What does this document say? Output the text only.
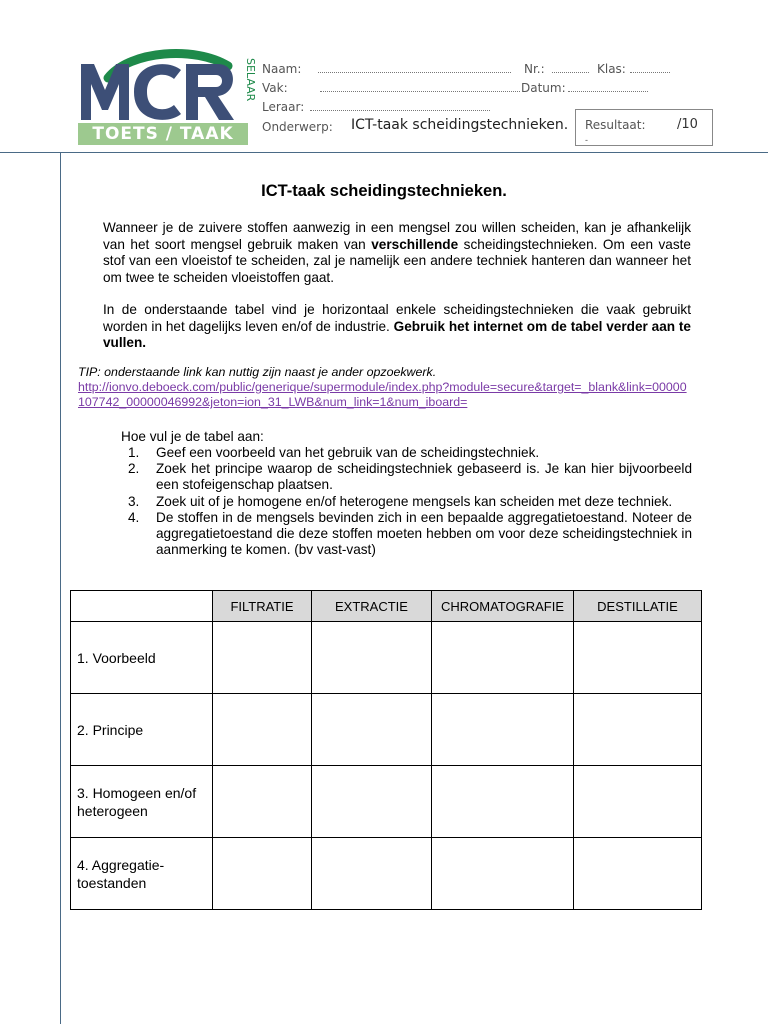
SELAAR
TOETS / TAAK
Naam:	Nr.:	Klas:
Vak:	Datum:
Leraar:
Onderwerp: ICT-taak scheidingstechnieken. Resultaat: /10
-
ICT-taak scheidingstechnieken.

Wanneer je de zuivere stoffen aanwezig in een mengsel zou willen scheiden, kan je afhankelijk van het soort mengsel gebruik maken van verschillende scheidingstechnieken. Om een vaste stof van een vloeistof te scheiden, zal je namelijk een andere techniek hanteren dan wanneer het om twee te scheiden vloeistoffen gaat.

In de onderstaande tabel vind je horizontaal enkele scheidingstechnieken die vaak gebruikt worden in het dagelijks leven en/of de industrie. Gebruik het internet om de tabel verder aan te vullen.

TIP: onderstaande link kan nuttig zijn naast je ander opzoekwerk.
http://ionvo.deboeck.com/public/generique/supermodule/index.php?module=secure&target=_blank&link=00000107742_00000046992&jeton=ion_31_LWB&num_link=1&num_iboard=
Hoe vul je de tabel aan:
1. Geef een voorbeeld van het gebruik van de scheidingstechniek.
2. Zoek het principe waarop de scheidingstechniek gebaseerd is. Je kan hier bijvoorbeeld een stofeigenschap plaatsen.
3. Zoek uit of je homogene en/of heterogene mengsels kan scheiden met deze techniek.
4. De stoffen in de mengsels bevinden zich in een bepaalde aggregatietoestand. Noteer de aggregatietoestand die deze stoffen moeten hebben om voor deze scheidingstechniek in aanmerking te komen. (bv vast-vast)
	FILTRATIE	EXTRACTIE	CHROMATOGRAFIE	DESTILLATIE
1. Voorbeeld				
2. Principe				
3. Homogeen en/of heterogeen				
4. Aggregatie-toestanden				
